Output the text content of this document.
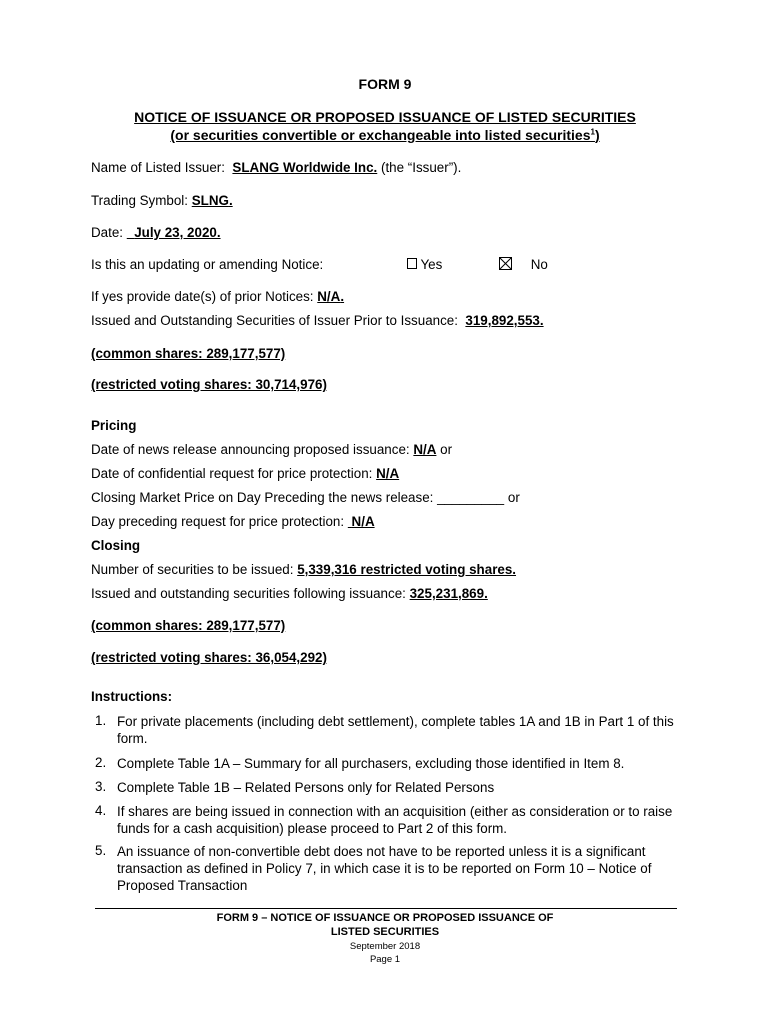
FORM 9
NOTICE OF ISSUANCE OR PROPOSED ISSUANCE OF LISTED SECURITIES
(or securities convertible or exchangeable into listed securities$^1$)
Name of Listed Issuer: SLANG Worldwide Inc. (the “Issuer”).
Trading Symbol: SLNG.
Date: July 23, 2020.
Is this an updating or amending Notice:	Yes	No
If yes provide date(s) of prior Notices: N/A.
Issued and Outstanding Securities of Issuer Prior to Issuance: 319,892,553.
(common shares: 289,177,577)
(restricted voting shares: 30,714,976)
Pricing
Date of news release announcing proposed issuance: N/A or
Date of confidential request for price protection: N/A
Closing Market Price on Day Preceding the news release: _________ or
Day preceding request for price protection: N/A
Closing
Number of securities to be issued: 5,339,316 restricted voting shares.
Issued and outstanding securities following issuance: 325,231,869.
(common shares: 289,177,577)
(restricted voting shares: 36,054,292)
Instructions:
1. For private placements (including debt settlement), complete tables 1A and 1B in Part 1 of this form.
2. Complete Table 1A – Summary for all purchasers, excluding those identified in Item 8.
3. Complete Table 1B – Related Persons only for Related Persons
4. If shares are being issued in connection with an acquisition (either as consideration or to raise funds for a cash acquisition) please proceed to Part 2 of this form.
5. An issuance of non-convertible debt does not have to be reported unless it is a significant transaction as defined in Policy 7, in which case it is to be reported on Form 10 – Notice of Proposed Transaction
FORM 9 – NOTICE OF ISSUANCE OR PROPOSED ISSUANCE OF
LISTED SECURITIES
September 2018
Page 1
